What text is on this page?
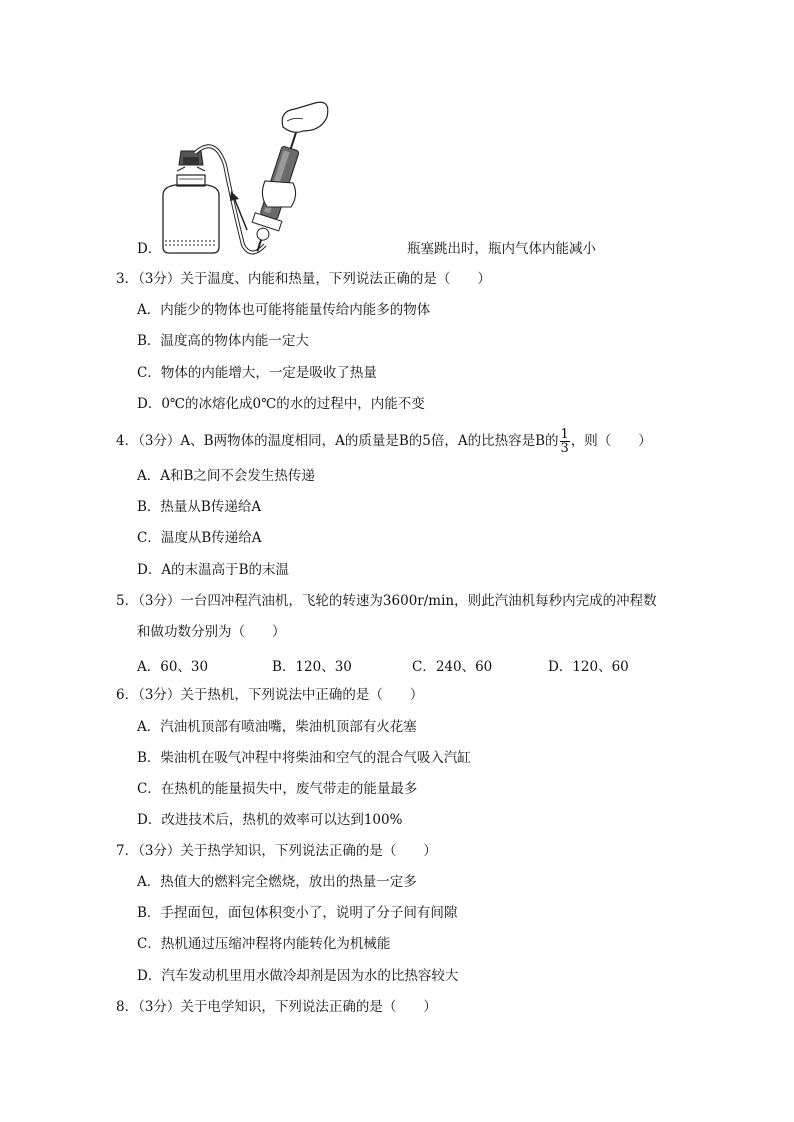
D．	瓶塞跳出时，瓶内气体内能减小
3．（3分）关于温度、内能和热量，下列说法正确的是（　　）
A．内能少的物体也可能将能量传给内能多的物体
B．温度高的物体内能一定大
C．物体的内能增大，一定是吸收了热量
D．0℃的冰熔化成0℃的水的过程中，内能不变
4．（3分）A、B两物体的温度相同，A的质量是B的5倍，A的比热容是B的 $\frac{1}{3}$ ，则（　　）
A．A和B之间不会发生热传递
B．热量从B传递给A
C．温度从B传递给A
D．A的末温高于B的末温
5．（3分）一台四冲程汽油机，飞轮的转速为3600r/min，则此汽油机每秒内完成的冲程数
和做功数分别为（　　）
A．60、30	B．120、30	C．240、60	D．120、60
6．（3分）关于热机，下列说法中正确的是（　　）
A．汽油机顶部有喷油嘴，柴油机顶部有火花塞
B．柴油机在吸气冲程中将柴油和空气的混合气吸入汽缸
C．在热机的能量损失中，废气带走的能量最多
D．改进技术后，热机的效率可以达到100%
7．（3分）关于热学知识，下列说法正确的是（　　）
A．热值大的燃料完全燃烧，放出的热量一定多
B．手捏面包，面包体积变小了，说明了分子间有间隙
C．热机通过压缩冲程将内能转化为机械能
D．汽车发动机里用水做冷却剂是因为水的比热容较大
8．（3分）关于电学知识，下列说法正确的是（　　）
